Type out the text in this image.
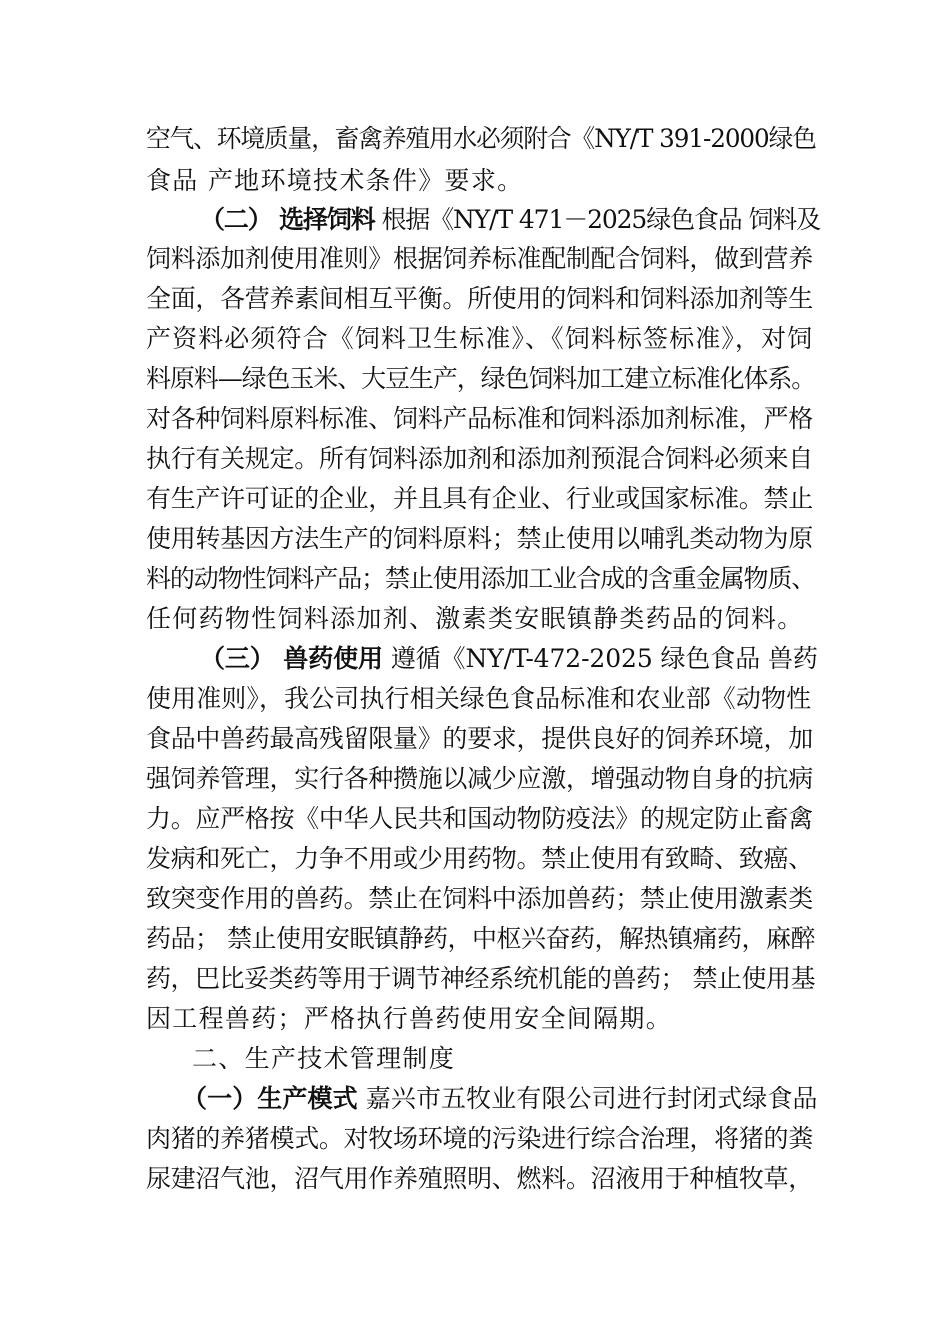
空气、环境质量，畜禽养殖用水必须附合《NY/T 391-2000绿色
食品 产地环境技术条件》要求。
（二） 选择饲料 根据《NY/T 471－2025绿色食品 饲料及
饲料添加剂使用准则》根据饲养标准配制配合饲料，做到营养
全面，各营养素间相互平衡。所使用的饲料和饲料添加剂等生
产资料必须符合《饲料卫生标准》、《饲料标签标准》，对饲
料原料—绿色玉米、大豆生产，绿色饲料加工建立标准化体系。
对各种饲料原料标准、饲料产品标准和饲料添加剂标准，严格
执行有关规定。所有饲料添加剂和添加剂预混合饲料必须来自
有生产许可证的企业，并且具有企业、行业或国家标准。禁止
使用转基因方法生产的饲料原料；禁止使用以哺乳类动物为原
料的动物性饲料产品；禁止使用添加工业合成的含重金属物质、
任何药物性饲料添加剂、激素类安眠镇静类药品的饲料。
（三） 兽药使用 遵循《NY/T-472-2025 绿色食品 兽药
使用准则》，我公司执行相关绿色食品标准和农业部《动物性
食品中兽药最高残留限量》的要求，提供良好的饲养环境，加
强饲养管理，实行各种攒施以减少应激，增强动物自身的抗病
力。应严格按《中华人民共和国动物防疫法》的规定防止畜禽
发病和死亡，力争不用或少用药物。禁止使用有致畸、致癌、
致突变作用的兽药。禁止在饲料中添加兽药；禁止使用激素类
药品； 禁止使用安眠镇静药，中枢兴奋药，解热镇痛药，麻醉
药，巴比妥类药等用于调节神经系统机能的兽药； 禁止使用基
因工程兽药；严格执行兽药使用安全间隔期。
二、生产技术管理制度
（一）生产模式 嘉兴市五牧业有限公司进行封闭式绿食品
肉猪的养猪模式。对牧场环境的污染进行综合治理，将猪的粪
尿建沼气池，沼气用作养殖照明、燃料。沼液用于种植牧草，
